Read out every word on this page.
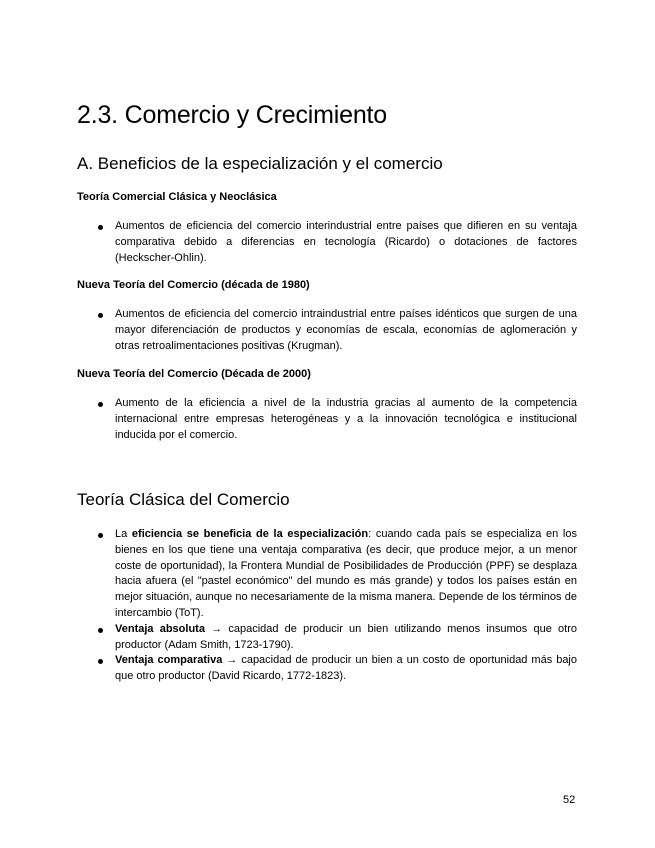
2.3. Comercio y Crecimiento
A. Beneficios de la especialización y el comercio

Teoría Comercial Clásica y Neoclásica

Aumentos de eficiencia del comercio interindustrial entre países que difieren en su ventaja comparativa debido a diferencias en tecnología (Ricardo) o dotaciones de factores (Heckscher-Ohlin).

Nueva Teoría del Comercio (década de 1980)

Aumentos de eficiencia del comercio intraindustrial entre países idénticos que surgen de una mayor diferenciación de productos y economías de escala, economías de aglomeración y otras retroalimentaciones positivas (Krugman).

Nueva Teoría del Comercio (Década de 2000)

Aumento de la eficiencia a nivel de la industria gracias al aumento de la competencia internacional entre empresas heterogéneas y a la innovación tecnológica e institucional inducida por el comercio.
Teoría Clásica del Comercio
La eficiencia se beneficia de la especialización: cuando cada país se especializa en los bienes en los que tiene una ventaja comparativa (es decir, que produce mejor, a un menor coste de oportunidad), la Frontera Mundial de Posibilidades de Producción (PPF) se desplaza hacia afuera (el "pastel económico" del mundo es más grande) y todos los países están en mejor situación, aunque no necesariamente de la misma manera. Depende de los términos de intercambio (ToT).
Ventaja absoluta → capacidad de producir un bien utilizando menos insumos que otro productor (Adam Smith, 1723-1790).
Ventaja comparativa → capacidad de producir un bien a un costo de oportunidad más bajo que otro productor (David Ricardo, 1772-1823).
52
